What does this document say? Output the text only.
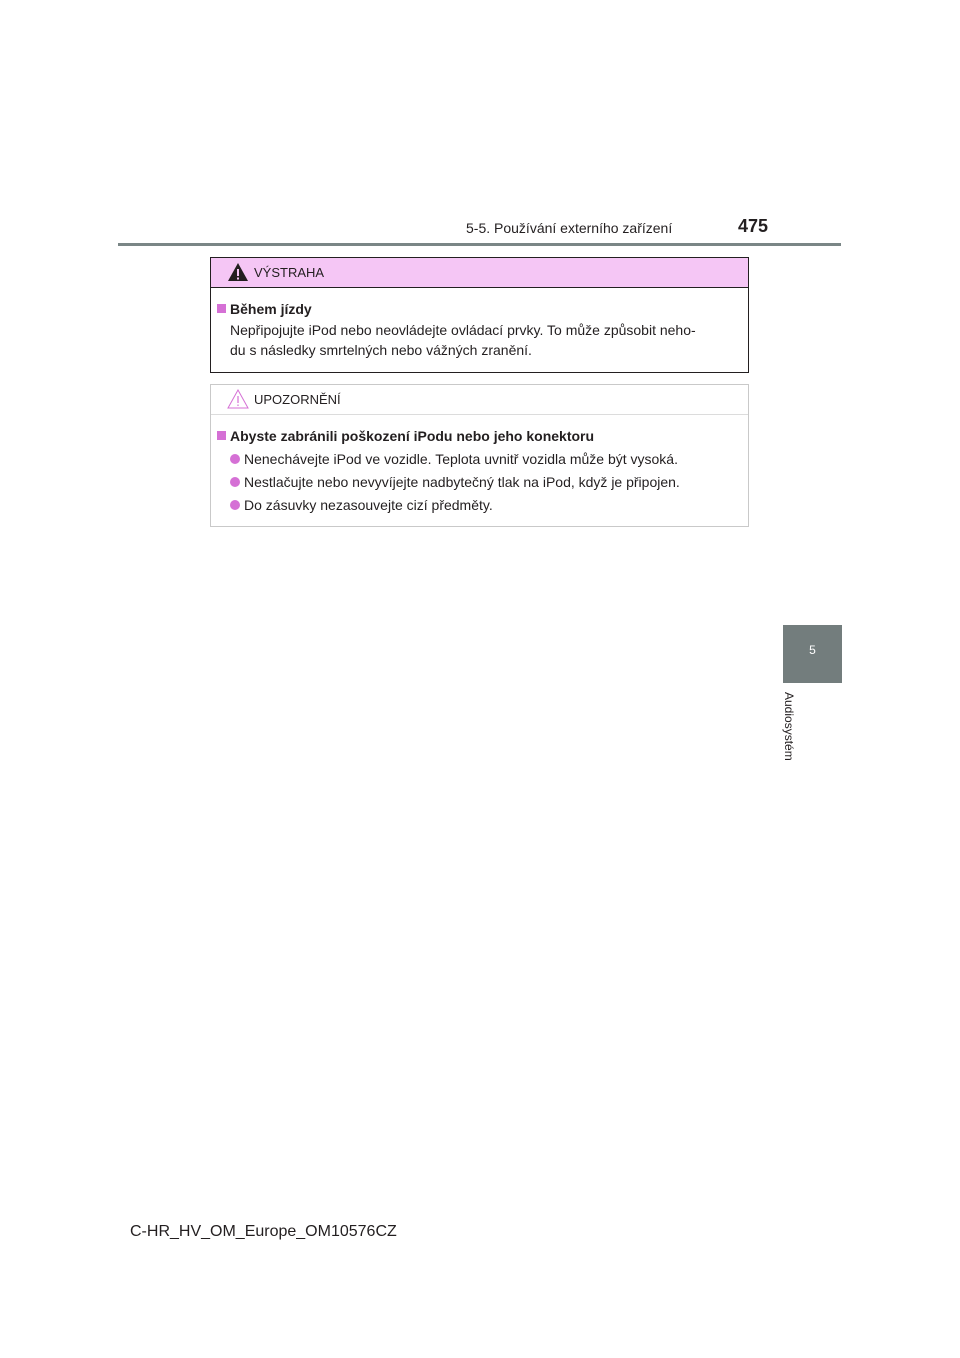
5-5. Používání externího zařízení	475
5
Audiosystém
VÝSTRAHA
Během jízdy
Nepřipojujte iPod nebo neovládejte ovládací prvky. To může způsobit neho-
du s následky smrtelných nebo vážných zranění.
UPOZORNĚNÍ
Abyste zabránili poškození iPodu nebo jeho konektoru
Nenechávejte iPod ve vozidle. Teplota uvnitř vozidla může být vysoká.
Nestlačujte nebo nevyvíjejte nadbytečný tlak na iPod, když je připojen.
Do zásuvky nezasouvejte cizí předměty.
C-HR_HV_OM_Europe_OM10576CZ
